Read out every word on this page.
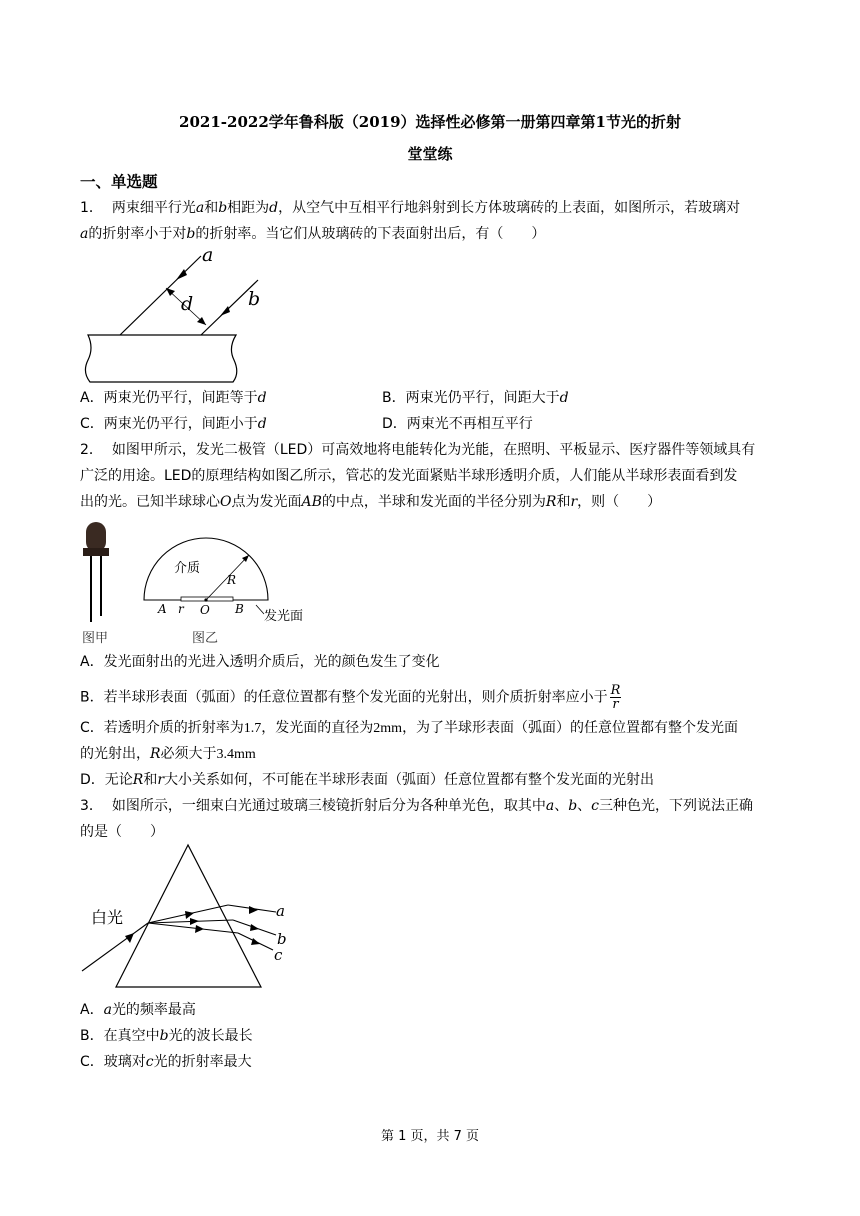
2021-2022学年鲁科版（2019）选择性必修第一册第四章第1节光的折射
堂堂练
一、单选题
1． 两束细平行光a和b相距为d，从空气中互相平行地斜射到长方体玻璃砖的上表面，如图所示，若玻璃对
a的折射率小于对b的折射率。当它们从玻璃砖的下表面射出后，有（　　）
a
b
d
A．两束光仍平行，间距等于d	B．两束光仍平行，间距大于d
C．两束光仍平行，间距小于d	D．两束光不再相互平行
2． 如图甲所示，发光二极管（LED）可高效地将电能转化为光能，在照明、平板显示、医疗器件等领域具有
广泛的用途。LED的原理结构如图乙所示，管芯的发光面紧贴半球形透明介质，人们能从半球形表面看到发
出的光。已知半球球心O点为发光面AB的中点，半球和发光面的半径分别为R和r，则（　　）
介质
R
A r O B 发光面
图甲	图乙
A．发光面射出的光进入透明介质后，光的颜色发生了变化
B．若半球形表面（弧面）的任意位置都有整个发光面的光射出，则介质折射率应小于 $\frac{R}{r}$
C．若透明介质的折射率为1.7，发光面的直径为2mm，为了半球形表面（弧面）的任意位置都有整个发光面
的光射出，R必须大于3.4mm
D．无论R和r大小关系如何，不可能在半球形表面（弧面）任意位置都有整个发光面的光射出
3． 如图所示，一细束白光通过玻璃三棱镜折射后分为各种单光色，取其中a、b、c三种色光，下列说法正确
的是（　　）
白光	a
b
c
A．a光的频率最高
B．在真空中b光的波长最长
C．玻璃对c光的折射率最大
第 1 页，共 7 页
